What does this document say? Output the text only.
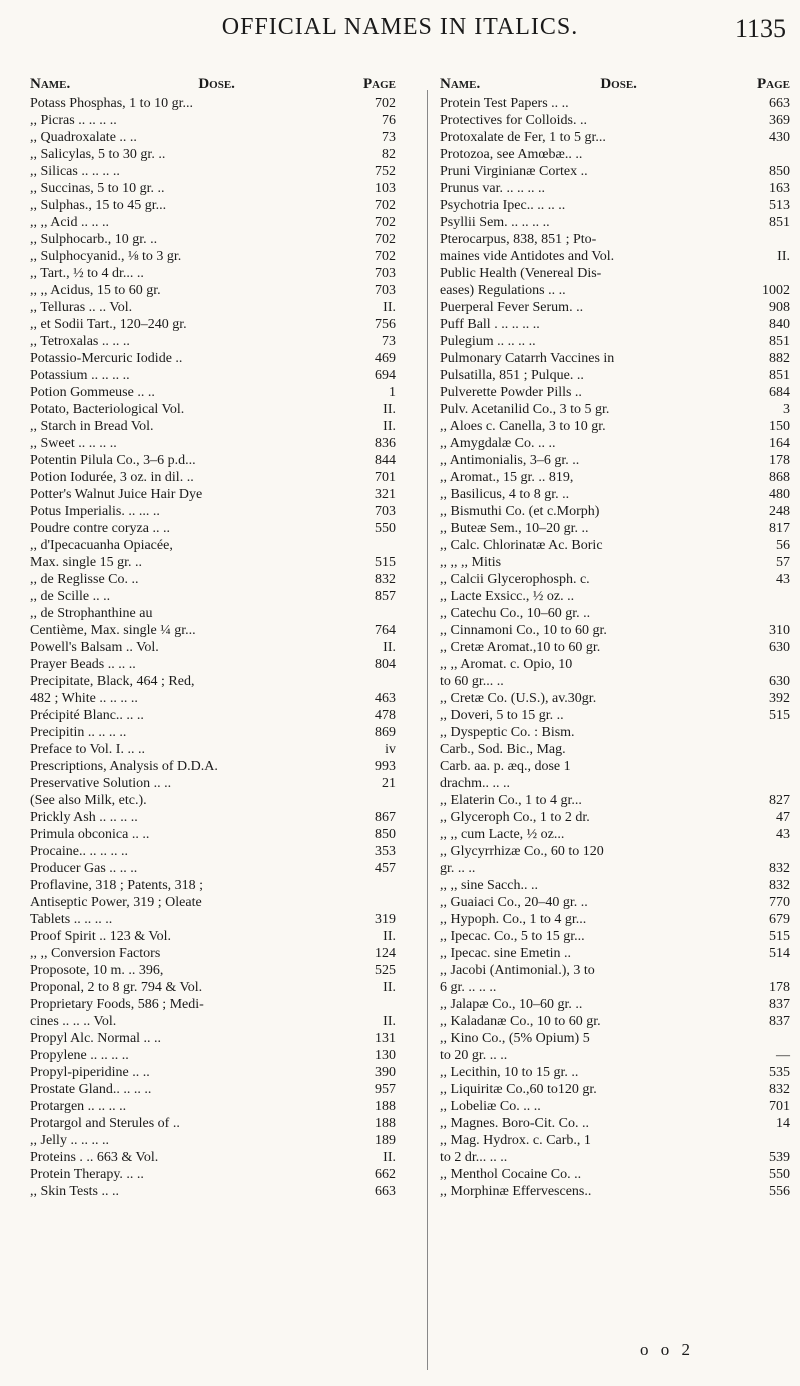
OFFICIAL NAMES IN ITALICS.	1135
Name.	Dose.	Page
Potass Phosphas, 1 to 10 gr...	702
,, Picras .. .. .. ..	76
,, Quadroxalate .. ..	73
,, Salicylas, 5 to 30 gr. ..	82
,, Silicas .. .. .. ..	752
,, Succinas, 5 to 10 gr. ..	103
,, Sulphas., 15 to 45 gr...	702
,, ,, Acid .. .. ..	702
,, Sulphocarb., 10 gr. ..	702
,, Sulphocyanid., ⅛ to 3 gr.	702
,, Tart., ½ to 4 dr... ..	703
,, ,, Acidus, 15 to 60 gr.	703
,, Telluras .. .. Vol.	II.
,, et Sodii Tart., 120–240 gr.	756
,, Tetroxalas .. .. ..	73
Potassio-Mercuric Iodide ..	469
Potassium .. .. .. ..	694
Potion Gommeuse .. ..	1
Potato, Bacteriological Vol.	II.
,, Starch in Bread Vol.	II.
,, Sweet .. .. .. ..	836
Potentin Pilula Co., 3–6 p.d...	844
Potion Iodurée, 3 oz. in dil. ..	701
Potter's Walnut Juice Hair Dye	321
Potus Imperialis. .. ... ..	703
Poudre contre coryza .. ..	550
,, d'Ipecacuanha Opiacée,
Max. single 15 gr. ..	515
,, de Reglisse Co. ..	832
,, de Scille .. ..	857
,, de Strophanthine au
Centième, Max. single ¼ gr...	764
Powell's Balsam .. Vol.	II.
Prayer Beads .. .. ..	804
Precipitate, Black, 464 ; Red,
482 ; White .. .. .. ..	463
Précipité Blanc.. .. ..	478
Precipitin .. .. .. ..	869
Preface to Vol. I. .. ..	iv
Prescriptions, Analysis of D.D.A.	993
Preservative Solution .. ..	21
(See also Milk, etc.).
Prickly Ash .. .. .. ..	867
Primula obconica .. ..	850
Procaine.. .. .. .. ..	353
Producer Gas .. .. ..	457
Proflavine, 318 ; Patents, 318 ;
Antiseptic Power, 319 ; Oleate
Tablets .. .. .. ..	319
Proof Spirit .. 123 & Vol.	II.
,, ,, Conversion Factors	124
Proposote, 10 m. .. 396,	525
Proponal, 2 to 8 gr. 794 & Vol.	II.
Proprietary Foods, 586 ; Medi-
cines .. .. .. Vol.	II.
Propyl Alc. Normal .. ..	131
Propylene .. .. .. ..	130
Propyl-piperidine .. ..	390
Prostate Gland.. .. .. ..	957
Protargen .. .. .. ..	188
Protargol and Sterules of ..	188
,, Jelly .. .. .. ..	189
Proteins . .. 663 & Vol.	II.
Protein Therapy. .. ..	662
,, Skin Tests .. ..	663
Name.	Dose.	Page
Protein Test Papers .. ..	663
Protectives for Colloids. ..	369
Protoxalate de Fer, 1 to 5 gr...	430
Protozoa, see Amœbæ.. ..
Pruni Virginianæ Cortex ..	850
Prunus var. .. .. .. ..	163
Psychotria Ipec.. .. .. ..	513
Psyllii Sem. .. .. .. ..	851
Pterocarpus, 838, 851 ; Pto-
maines vide Antidotes and Vol.	II.
Public Health (Venereal Dis-
eases) Regulations .. ..	1002
Puerperal Fever Serum. ..	908
Puff Ball . .. .. .. ..	840
Pulegium .. .. .. ..	851
Pulmonary Catarrh Vaccines in	882
Pulsatilla, 851 ; Pulque. ..	851
Pulverette Powder Pills ..	684
Pulv. Acetanilid Co., 3 to 5 gr.	3
,, Aloes c. Canella, 3 to 10 gr.	150
,, Amygdalæ Co. .. ..	164
,, Antimonialis, 3–6 gr. ..	178
,, Aromat., 15 gr. .. 819,	868
,, Basilicus, 4 to 8 gr. ..	480
,, Bismuthi Co. (et c.Morph)	248
,, Buteæ Sem., 10–20 gr. ..	817
,, Calc. Chlorinatæ Ac. Boric	56
,, ,, ,, Mitis	57
,, Calcii Glycerophosph. c.	43
,, Lacte Exsicc., ½ oz. ..
,, Catechu Co., 10–60 gr. ..
,, Cinnamoni Co., 10 to 60 gr.	310
,, Cretæ Aromat.,10 to 60 gr.	630
,, ,, Aromat. c. Opio, 10
to 60 gr... ..	630
,, Cretæ Co. (U.S.), av.30gr.	392
,, Doveri, 5 to 15 gr. ..	515
,, Dyspeptic Co. : Bism.
Carb., Sod. Bic., Mag.
Carb. aa. p. æq., dose 1
drachm.. .. ..
,, Elaterin Co., 1 to 4 gr...	827
,, Glyceroph Co., 1 to 2 dr.	47
,, ,, cum Lacte, ½ oz...	43
,, Glycyrrhizæ Co., 60 to 120
gr. .. ..	832
,, ,, sine Sacch.. ..	832
,, Guaiaci Co., 20–40 gr. ..	770
,, Hypoph. Co., 1 to 4 gr...	679
,, Ipecac. Co., 5 to 15 gr...	515
,, Ipecac. sine Emetin ..	514
,, Jacobi (Antimonial.), 3 to
6 gr. .. .. ..	178
,, Jalapæ Co., 10–60 gr. ..	837
,, Kaladanæ Co., 10 to 60 gr.	837
,, Kino Co., (5% Opium) 5
to 20 gr. .. ..	—
,, Lecithin, 10 to 15 gr. ..	535
,, Liquiritæ Co.,60 to120 gr.	832
,, Lobeliæ Co. .. ..	701
,, Magnes. Boro-Cit. Co. ..	14
,, Mag. Hydrox. c. Carb., 1
to 2 dr... .. ..	539
,, Menthol Cocaine Co. ..	550
,, Morphinæ Effervescens..	556
o o 2
